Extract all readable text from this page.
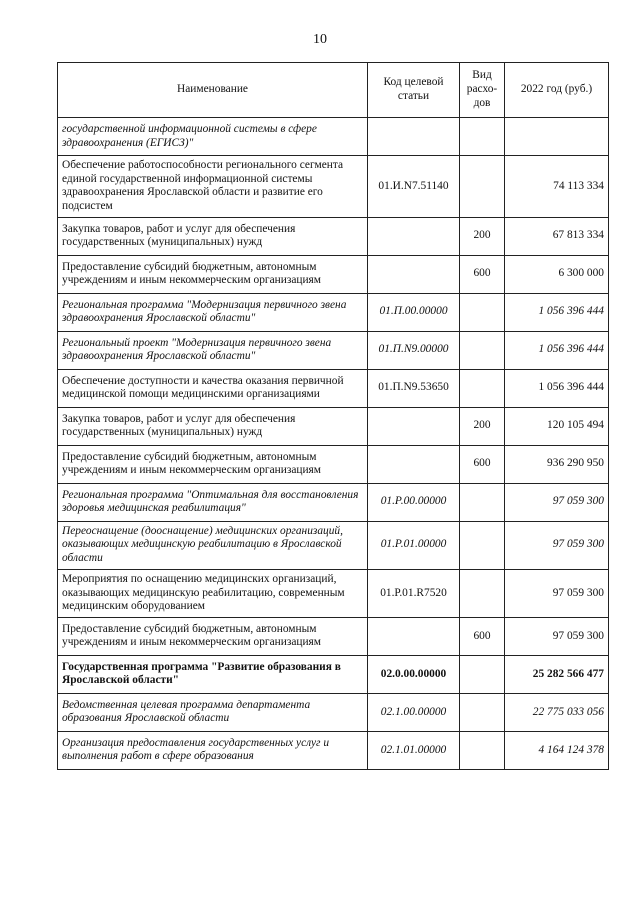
10
Наименование	Код целевой статьи	Вид расхо-дов	2022 год (руб.)
государственной информационной системы в сфере здравоохранения (ЕГИСЗ)"			
Обеспечение работоспособности регионального сегмента единой государственной информационной системы здравоохранения Ярославской области и развитие его подсистем	01.И.N7.51140		74 113 334
Закупка товаров, работ и услуг для обеспечения государственных (муниципальных) нужд		200	67 813 334
Предоставление субсидий бюджетным, автономным учреждениям и иным некоммерческим организациям		600	6 300 000
Региональная программа "Модернизация первичного звена здравоохранения Ярославской области"	01.П.00.00000		1 056 396 444
Региональный проект "Модернизация первичного звена здравоохранения Ярославской области"	01.П.N9.00000		1 056 396 444
Обеспечение доступности и качества оказания первичной медицинской помощи медицинскими организациями	01.П.N9.53650		1 056 396 444
Закупка товаров, работ и услуг для обеспечения государственных (муниципальных) нужд		200	120 105 494
Предоставление субсидий бюджетным, автономным учреждениям и иным некоммерческим организациям		600	936 290 950
Региональная программа "Оптимальная для восстановления здоровья медицинская реабилитация"	01.Р.00.00000		97 059 300
Переоснащение (дооснащение) медицинских организаций, оказывающих медицинскую реабилитацию в Ярославской области	01.Р.01.00000		97 059 300
Мероприятия по оснащению медицинских организаций, оказывающих медицинскую реабилитацию, современным медицинским оборудованием	01.Р.01.R7520		97 059 300
Предоставление субсидий бюджетным, автономным учреждениям и иным некоммерческим организациям		600	97 059 300
Государственная программа "Развитие образования в Ярославской области"	02.0.00.00000		25 282 566 477
Ведомственная целевая программа департамента образования Ярославской области	02.1.00.00000		22 775 033 056
Организация предоставления государственных услуг и выполнения работ в сфере образования	02.1.01.00000		4 164 124 378
